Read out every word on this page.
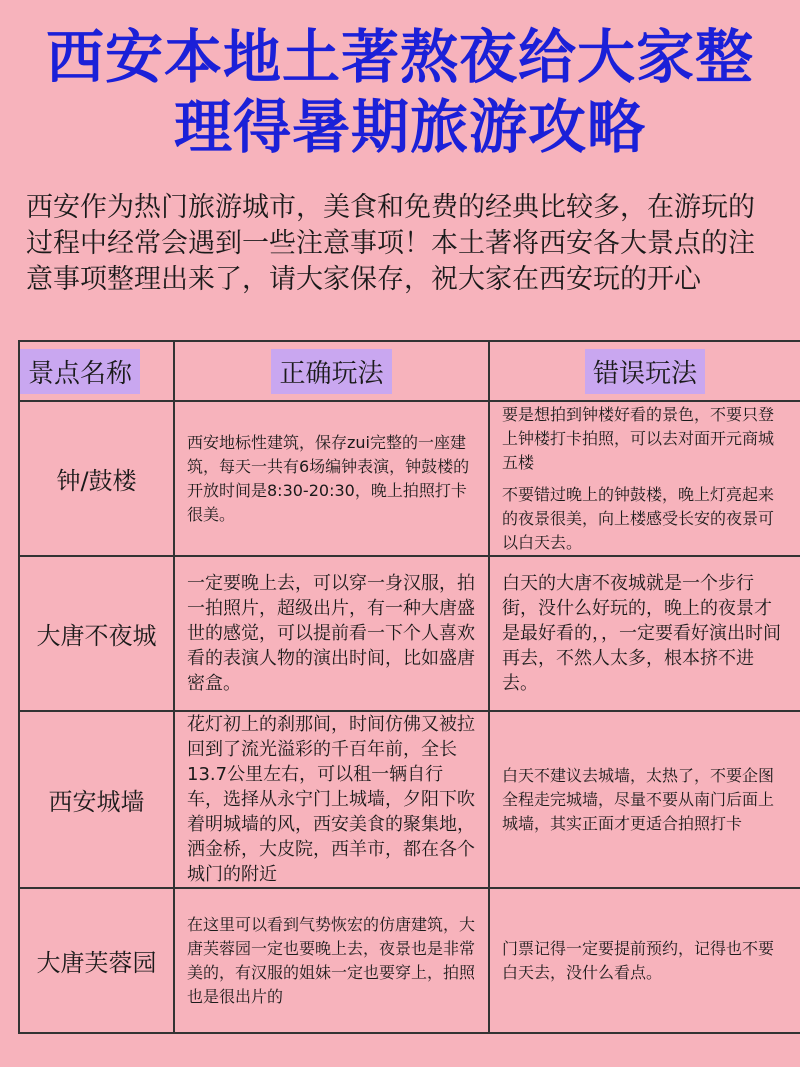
西安本地土著熬夜给大家整
理得暑期旅游攻略
西安作为热门旅游城市，美食和免费的经典比较多，在游玩的过程中经常会遇到一些注意事项！本土著将西安各大景点的注意事项整理出来了，请大家保存，祝大家在西安玩的开心
景点名称	正确玩法	错误玩法
钟/鼓楼	西安地标性建筑，保存zui完整的一座建筑，每天一共有6场编钟表演，钟鼓楼的开放时间是8:30-20:30，晚上拍照打卡很美。	要是想拍到钟楼好看的景色，不要只登上钟楼打卡拍照，可以去对面开元商城五楼

不要错过晚上的钟鼓楼，晚上灯亮起来的夜景很美，向上楼感受长安的夜景可以白天去。

大唐不夜城	一定要晚上去，可以穿一身汉服，拍一拍照片，超级出片，有一种大唐盛世的感觉，可以提前看一下个人喜欢看的表演人物的演出时间，比如盛唐密盒。	白天的大唐不夜城就是一个步行街，没什么好玩的，晚上的夜景才是最好看的，，一定要看好演出时间再去，不然人太多，根本挤不进去。

西安城墙	花灯初上的刹那间，时间仿佛又被拉回到了流光溢彩的千百年前，全长13.7公里左右，可以租一辆自行车，选择从永宁门上城墙，夕阳下吹着明城墙的风，西安美食的聚集地，洒金桥，大皮院，西羊市，都在各个城门的附近	白天不建议去城墙，太热了，不要企图全程走完城墙，尽量不要从南门后面上城墙，其实正面才更适合拍照打卡

大唐芙蓉园	在这里可以看到气势恢宏的仿唐建筑，大唐芙蓉园一定也要晚上去，夜景也是非常美的，有汉服的姐妹一定也要穿上，拍照也是很出片的	门票记得一定要提前预约，记得也不要白天去，没什么看点。
